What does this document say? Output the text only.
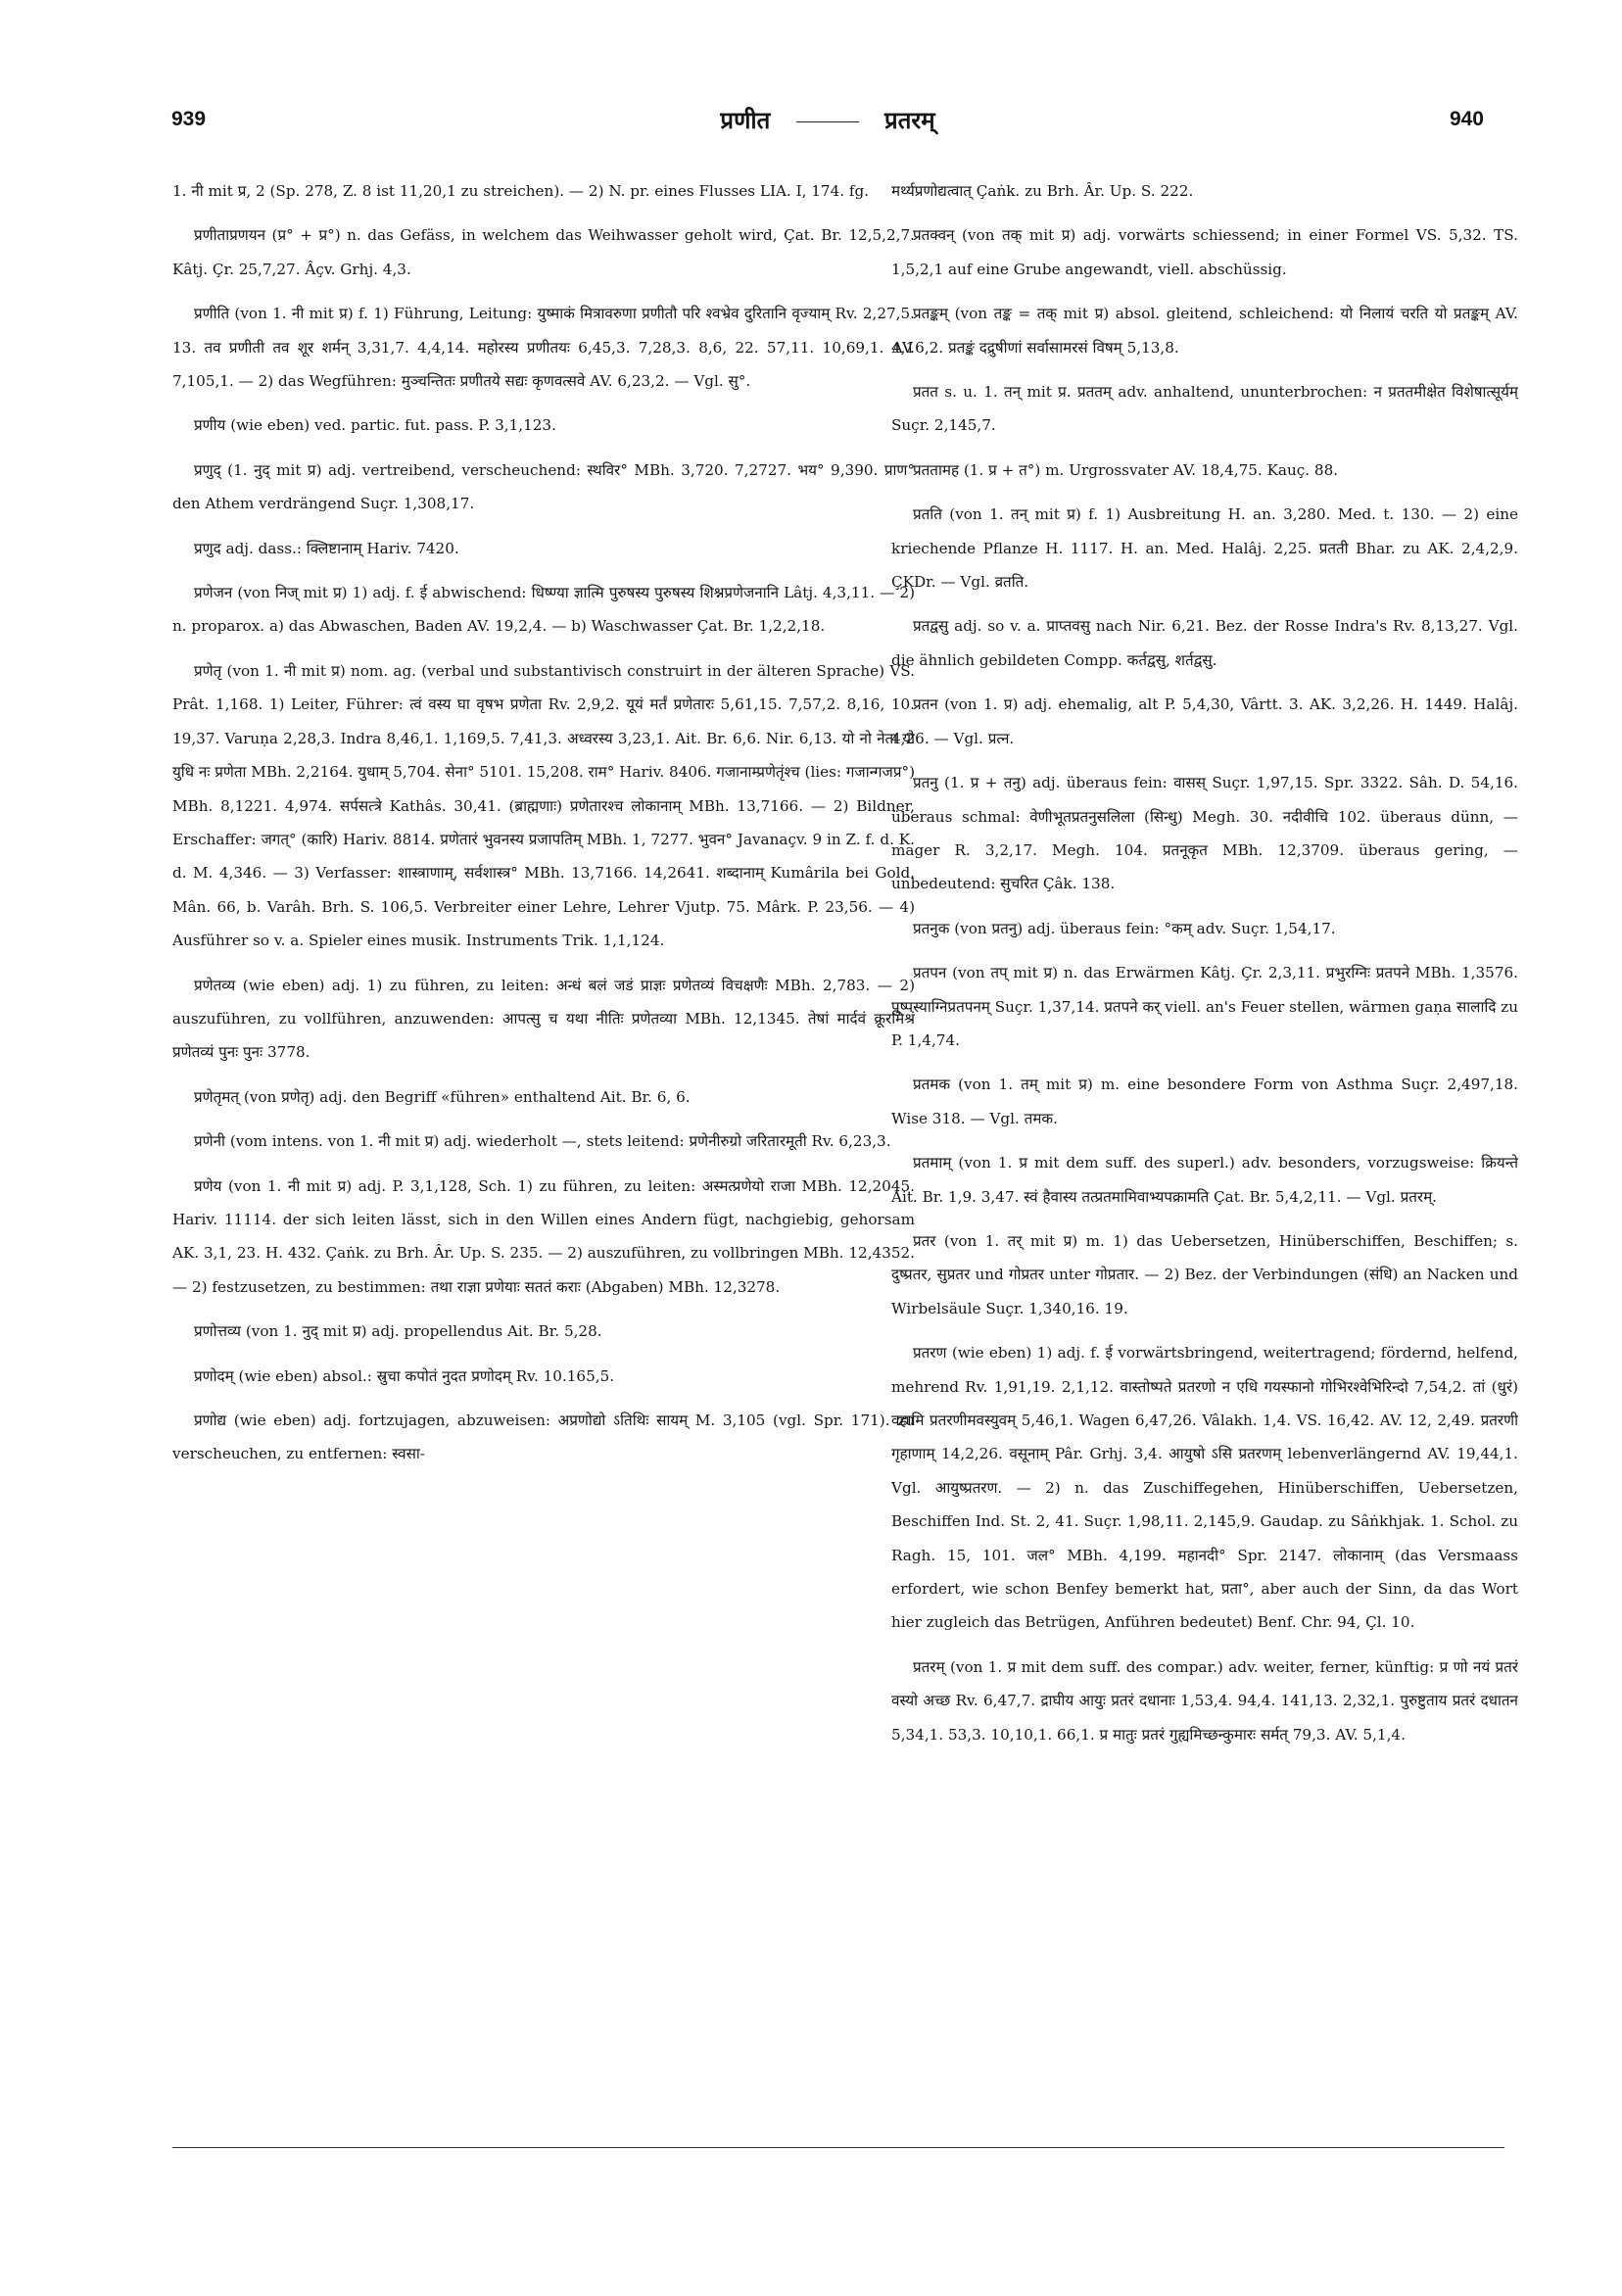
939	प्रणीत	प्रतरम्	940

1. नी mit प्र, 2 (Sp. 278, Z. 8 ist 11,20,1 zu streichen). — 2) N. pr. eines Flusses LIA. I, 174. fg.

प्रणीताप्रणयन (प्र° + प्र°) n. das Gefäss, in welchem das Weihwasser geholt wird, Çat. Br. 12,5,2,7. Kâtj. Çr. 25,7,27. Âçv. Grhj. 4,3.

प्रणीति (von 1. नी mit प्र) f. 1) Führung, Leitung: युष्माकं मित्रावरुणा प्रणीतौ परि श्वभ्रेव दुरितानि वृज्याम् Rv. 2,27,5. 13. तव प्रणीती तव शूर शर्मन् 3,31,7. 4,4,14. महोरस्य प्रणीतयः 6,45,3. 7,28,3. 8,6, 22. 57,11. 10,69,1. AV. 7,105,1. — 2) das Wegführen: मुञ्चन्तितः प्रणीतये सद्यः कृणवत्सवे AV. 6,23,2. — Vgl. सु°.

प्रणीय (wie eben) ved. partic. fut. pass. P. 3,1,123.

प्रणुद् (1. नुद् mit प्र) adj. vertreibend, verscheuchend: स्थविर° MBh. 3,720. 7,2727. भय° 9,390. प्राण° den Athem verdrängend Suçr. 1,308,17.

प्रणुद adj. dass.: क्लिष्टानाम् Hariv. 7420.

प्रणेजन (von निज् mit प्र) 1) adj. f. ई abwischend: धिष्ण्या ज्ञात्मि पुरुषस्य पुरुषस्य शिश्नप्रणेजनानि Lâtj. 4,3,11. — 2) n. proparox. a) das Abwaschen, Baden AV. 19,2,4. — b) Waschwasser Çat. Br. 1,2,2,18.

प्रणेतृ (von 1. नी mit प्र) nom. ag. (verbal und substantivisch construirt in der älteren Sprache) VS. Prât. 1,168. 1) Leiter, Führer: त्वं वस्य घा वृषभ प्रणेता Rv. 2,9,2. यूयं मर्तं प्रणेतारः 5,61,15. 7,57,2. 8,16, 10. 19,37. Varuṇa 2,28,3. Indra 8,46,1. 1,169,5. 7,41,3. अध्वरस्य 3,23,1. Ait. Br. 6,6. Nir. 6,13. यो नो नेता यो युधि नः प्रणेता MBh. 2,2164. युधाम् 5,704. सेना° 5101. 15,208. राम° Hariv. 8406. गजानाम्प्रणेतृंश्च (lies: गजान्गजप्र°) MBh. 8,1221. 4,974. सर्पसत्त्रे Kathâs. 30,41. (ब्राह्मणाः) प्रणेतारश्च लोकानाम् MBh. 13,7166. — 2) Bildner, Erschaffer: जगत्° (कारि) Hariv. 8814. प्रणेतारं भुवनस्य प्रजापतिम् MBh. 1, 7277. भुवन° Javanaçv. 9 in Z. f. d. K. d. M. 4,346. — 3) Verfasser: शास्त्राणाम्, सर्वशास्त्र° MBh. 13,7166. 14,2641. शब्दानाम् Kumârila bei Gold. Mân. 66, b. Varâh. Brh. S. 106,5. Verbreiter einer Lehre, Lehrer Vjutp. 75. Mârk. P. 23,56. — 4) Ausführer so v. a. Spieler eines musik. Instruments Trik. 1,1,124.

प्रणेतव्य (wie eben) adj. 1) zu führen, zu leiten: अन्धं बलं जडं प्राज्ञः प्रणेतव्यं विचक्षणैः MBh. 2,783. — 2) auszuführen, zu vollführen, anzuwenden: आपत्सु च यथा नीतिः प्रणेतव्या MBh. 12,1345. तेषां मार्दवं क्रूरमिश्रं प्रणेतव्यं पुनः पुनः 3778.

प्रणेतृमत् (von प्रणेतृ) adj. den Begriff «führen» enthaltend Ait. Br. 6, 6.

प्रणेनी (vom intens. von 1. नी mit प्र) adj. wiederholt —, stets leitend: प्रणेनीरुग्रो जरितारमूती Rv. 6,23,3.

प्रणेय (von 1. नी mit प्र) adj. P. 3,1,128, Sch. 1) zu führen, zu leiten: अस्मत्प्रणेयो राजा MBh. 12,2045. Hariv. 11114. der sich leiten lässt, sich in den Willen eines Andern fügt, nachgiebig, gehorsam AK. 3,1, 23. H. 432. Çaṅk. zu Brh. Âr. Up. S. 235. — 2) auszuführen, zu vollbringen MBh. 12,4352. — 2) festzusetzen, zu bestimmen: तथा राज्ञा प्रणेयाः सततं कराः (Abgaben) MBh. 12,3278.

प्रणोत्तव्य (von 1. नुद् mit प्र) adj. propellendus Ait. Br. 5,28.

प्रणोदम् (wie eben) absol.: स्रुचा कपोतं नुदत प्रणोदम् Rv. 10.165,5.

प्रणोद्य (wie eben) adj. fortzujagen, abzuweisen: अप्रणोद्यो ऽतिथिः सायम् M. 3,105 (vgl. Spr. 171). zu verscheuchen, zu entfernen: स्वसा-

मर्थ्यप्रणोद्यत्वात् Çaṅk. zu Brh. Âr. Up. S. 222.

प्रतक्वन् (von तक् mit प्र) adj. vorwärts schiessend; in einer Formel VS. 5,32. TS. 1,5,2,1 auf eine Grube angewandt, viell. abschüssig.

प्रतङ्कम् (von तङ्क = तक् mit प्र) absol. gleitend, schleichend: यो निलायं चरति यो प्रतङ्कम् AV. 4,16,2. प्रतङ्कं दद्रुषीणां सर्वासामरसं विषम् 5,13,8.

प्रतत s. u. 1. तन् mit प्र. प्रततम् adv. anhaltend, ununterbrochen: न प्रततमीक्षेत विशेषात्सूर्यम् Suçr. 2,145,7.

प्रततामह (1. प्र + त°) m. Urgrossvater AV. 18,4,75. Kauç. 88.

प्रतति (von 1. तन् mit प्र) f. 1) Ausbreitung H. an. 3,280. Med. t. 130. — 2) eine kriechende Pflanze H. 1117. H. an. Med. Halâj. 2,25. प्रतती Bhar. zu AK. 2,4,2,9. ÇKDr. — Vgl. व्रतति.

प्रतद्वसु adj. so v. a. प्राप्तवसु nach Nir. 6,21. Bez. der Rosse Indra's Rv. 8,13,27. Vgl. die ähnlich gebildeten Compp. कर्तद्वसु, शर्तद्वसु.

प्रतन (von 1. प्र) adj. ehemalig, alt P. 5,4,30, Vârtt. 3. AK. 3,2,26. H. 1449. Halâj. 4,26. — Vgl. प्रत्न.

प्रतनु (1. प्र + तनु) adj. überaus fein: वासस् Suçr. 1,97,15. Spr. 3322. Sâh. D. 54,16. überaus schmal: वेणीभूतप्रतनुसलिला (सिन्धु) Megh. 30. नदीवीचि 102. überaus dünn, — mager R. 3,2,17. Megh. 104. प्रतनूकृत MBh. 12,3709. überaus gering, — unbedeutend: सुचरित Çâk. 138.

प्रतनुक (von प्रतनु) adj. überaus fein: °कम् adv. Suçr. 1,54,17.

प्रतपन (von तप् mit प्र) n. das Erwärmen Kâtj. Çr. 2,3,11. प्रभुरग्निः प्रतपने MBh. 1,3576. पुष्पस्याग्निप्रतपनम् Suçr. 1,37,14. प्रतपने कर् viell. an's Feuer stellen, wärmen gaṇa सालादि zu P. 1,4,74.

प्रतमक (von 1. तम् mit प्र) m. eine besondere Form von Asthma Suçr. 2,497,18. Wise 318. — Vgl. तमक.

प्रतमाम् (von 1. प्र mit dem suff. des superl.) adv. besonders, vorzugsweise: क्रियन्ते Ait. Br. 1,9. 3,47. स्वं हैवास्य तत्प्रतमामिवाभ्यपक्रामति Çat. Br. 5,4,2,11. — Vgl. प्रतरम्.

प्रतर (von 1. तर् mit प्र) m. 1) das Uebersetzen, Hinüberschiffen, Beschiffen; s. दुष्प्रतर, सुप्रतर und गोप्रतर unter गोप्रतार. — 2) Bez. der Verbindungen (संधि) an Nacken und Wirbelsäule Suçr. 1,340,16. 19.

प्रतरण (wie eben) 1) adj. f. ई vorwärtsbringend, weitertragend; fördernd, helfend, mehrend Rv. 1,91,19. 2,1,12. वास्तोष्पते प्रतरणो न एधि गयस्फानो गोभिरश्वेभिरिन्दो 7,54,2. तां (धुरं) वहामि प्रतरणीमवस्युवम् 5,46,1. Wagen 6,47,26. Vâlakh. 1,4. VS. 16,42. AV. 12, 2,49. प्रतरणी गृहाणाम् 14,2,26. वसूनाम् Pâr. Grhj. 3,4. आयुषो ऽसि प्रतरणम् lebenverlängernd AV. 19,44,1. Vgl. आयुष्प्रतरण. — 2) n. das Zuschiffegehen, Hinüberschiffen, Uebersetzen, Beschiffen Ind. St. 2, 41. Suçr. 1,98,11. 2,145,9. Gaudap. zu Sâṅkhjak. 1. Schol. zu Ragh. 15, 101. जल° MBh. 4,199. महानदी° Spr. 2147. लोकानाम् (das Versmaass erfordert, wie schon Benfey bemerkt hat, प्रता°, aber auch der Sinn, da das Wort hier zugleich das Betrügen, Anführen bedeutet) Benf. Chr. 94, Çl. 10.

प्रतरम् (von 1. प्र mit dem suff. des compar.) adv. weiter, ferner, künftig: प्र णो नयं प्रतरं वस्यो अच्छ Rv. 6,47,7. द्राघीय आयुः प्रतरं दधानाः 1,53,4. 94,4. 141,13. 2,32,1. पुरुष्टुताय प्रतरं दधातन 5,34,1. 53,3. 10,10,1. 66,1. प्र मातुः प्रतरं गुह्यमिच्छन्कुमारः सर्मत् 79,3. AV. 5,1,4.
